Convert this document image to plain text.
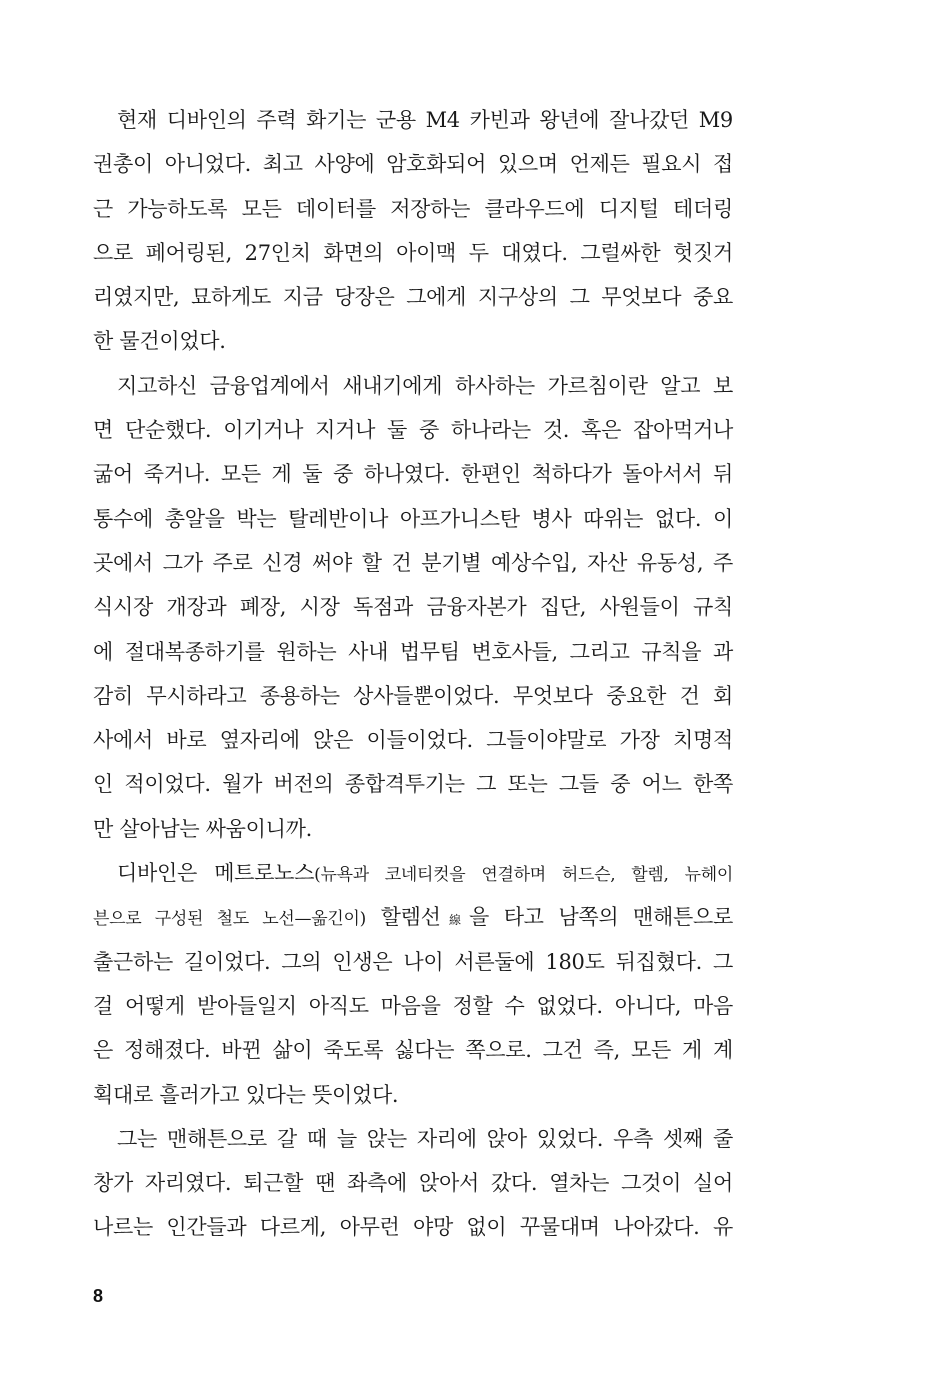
현재 디바인의 주력 화기는 군용 M4 카빈과 왕년에 잘나갔던 M9
권총이 아니었다. 최고 사양에 암호화되어 있으며 언제든 필요시 접
근 가능하도록 모든 데이터를 저장하는 클라우드에 디지털 테더링
으로 페어링된, 27인치 화면의 아이맥 두 대였다. 그럴싸한 헛짓거
리였지만, 묘하게도 지금 당장은 그에게 지구상의 그 무엇보다 중요
한 물건이었다.
지고하신 금융업계에서 새내기에게 하사하는 가르침이란 알고 보
면 단순했다. 이기거나 지거나 둘 중 하나라는 것. 혹은 잡아먹거나
굶어 죽거나. 모든 게 둘 중 하나였다. 한편인 척하다가 돌아서서 뒤
통수에 총알을 박는 탈레반이나 아프가니스탄 병사 따위는 없다. 이
곳에서 그가 주로 신경 써야 할 건 분기별 예상수입, 자산 유동성, 주
식시장 개장과 폐장, 시장 독점과 금융자본가 집단, 사원들이 규칙
에 절대복종하기를 원하는 사내 법무팀 변호사들, 그리고 규칙을 과
감히 무시하라고 종용하는 상사들뿐이었다. 무엇보다 중요한 건 회
사에서 바로 옆자리에 앉은 이들이었다. 그들이야말로 가장 치명적
인 적이었다. 월가 버전의 종합격투기는 그 또는 그들 중 어느 한쪽
만 살아남는 싸움이니까.
디바인은 메트로노스(뉴욕과 코네티컷을 연결하며 허드슨, 할렘, 뉴헤이
븐으로 구성된 철도 노선—옮긴이) 할렘선線을 타고 남쪽의 맨해튼으로
출근하는 길이었다. 그의 인생은 나이 서른둘에 180도 뒤집혔다. 그
걸 어떻게 받아들일지 아직도 마음을 정할 수 없었다. 아니다, 마음
은 정해졌다. 바뀐 삶이 죽도록 싫다는 쪽으로. 그건 즉, 모든 게 계
획대로 흘러가고 있다는 뜻이었다.
그는 맨해튼으로 갈 때 늘 앉는 자리에 앉아 있었다. 우측 셋째 줄
창가 자리였다. 퇴근할 땐 좌측에 앉아서 갔다. 열차는 그것이 실어
나르는 인간들과 다르게, 아무런 야망 없이 꾸물대며 나아갔다. 유
8
